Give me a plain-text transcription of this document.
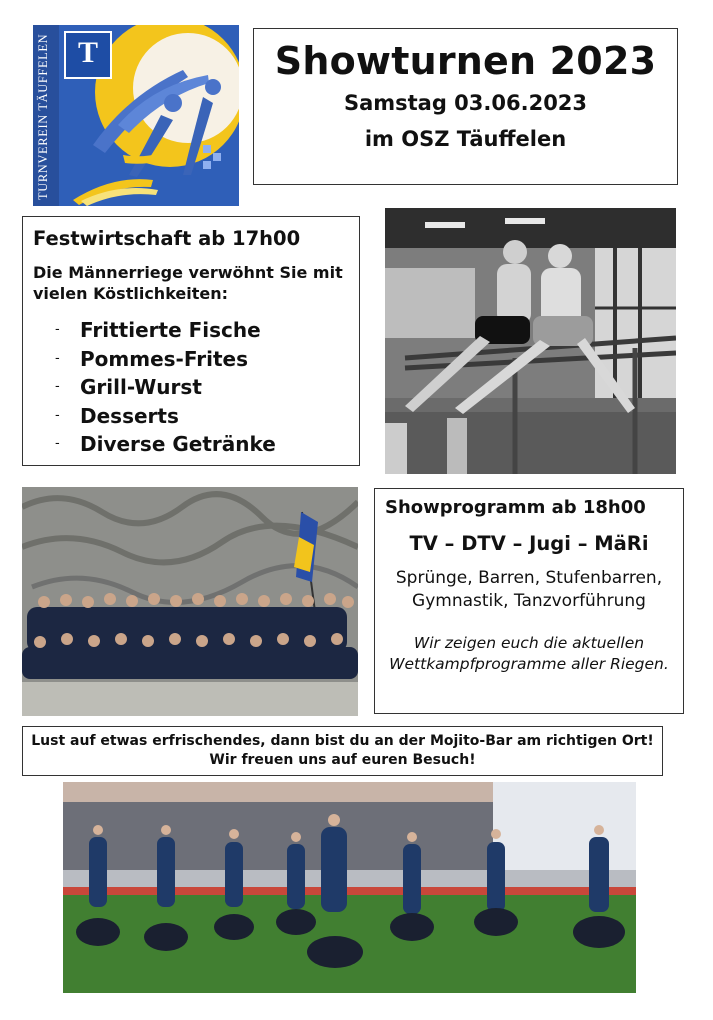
T
TURNVEREIN TÄUFFELEN	Showturnen 2023
Samstag 03.06.2023
im OSZ Täuffelen
Festwirtschaft ab 17h00
Die Männerriege verwöhnt Sie mit vielen Köstlichkeiten:
- Frittierte Fische
- Pommes-Frites
- Grill-Wurst
- Desserts
- Diverse Getränke
Showprogramm ab 18h00
TV – DTV – Jugi – MäRi
Sprünge, Barren, Stufenbarren,
Gymnastik, Tanzvorführung
Wir zeigen euch die aktuellen
Wettkampfprogramme aller Riegen.
Lust auf etwas erfrischendes, dann bist du an der Mojito-Bar am richtigen Ort!
Wir freuen uns auf euren Besuch!
